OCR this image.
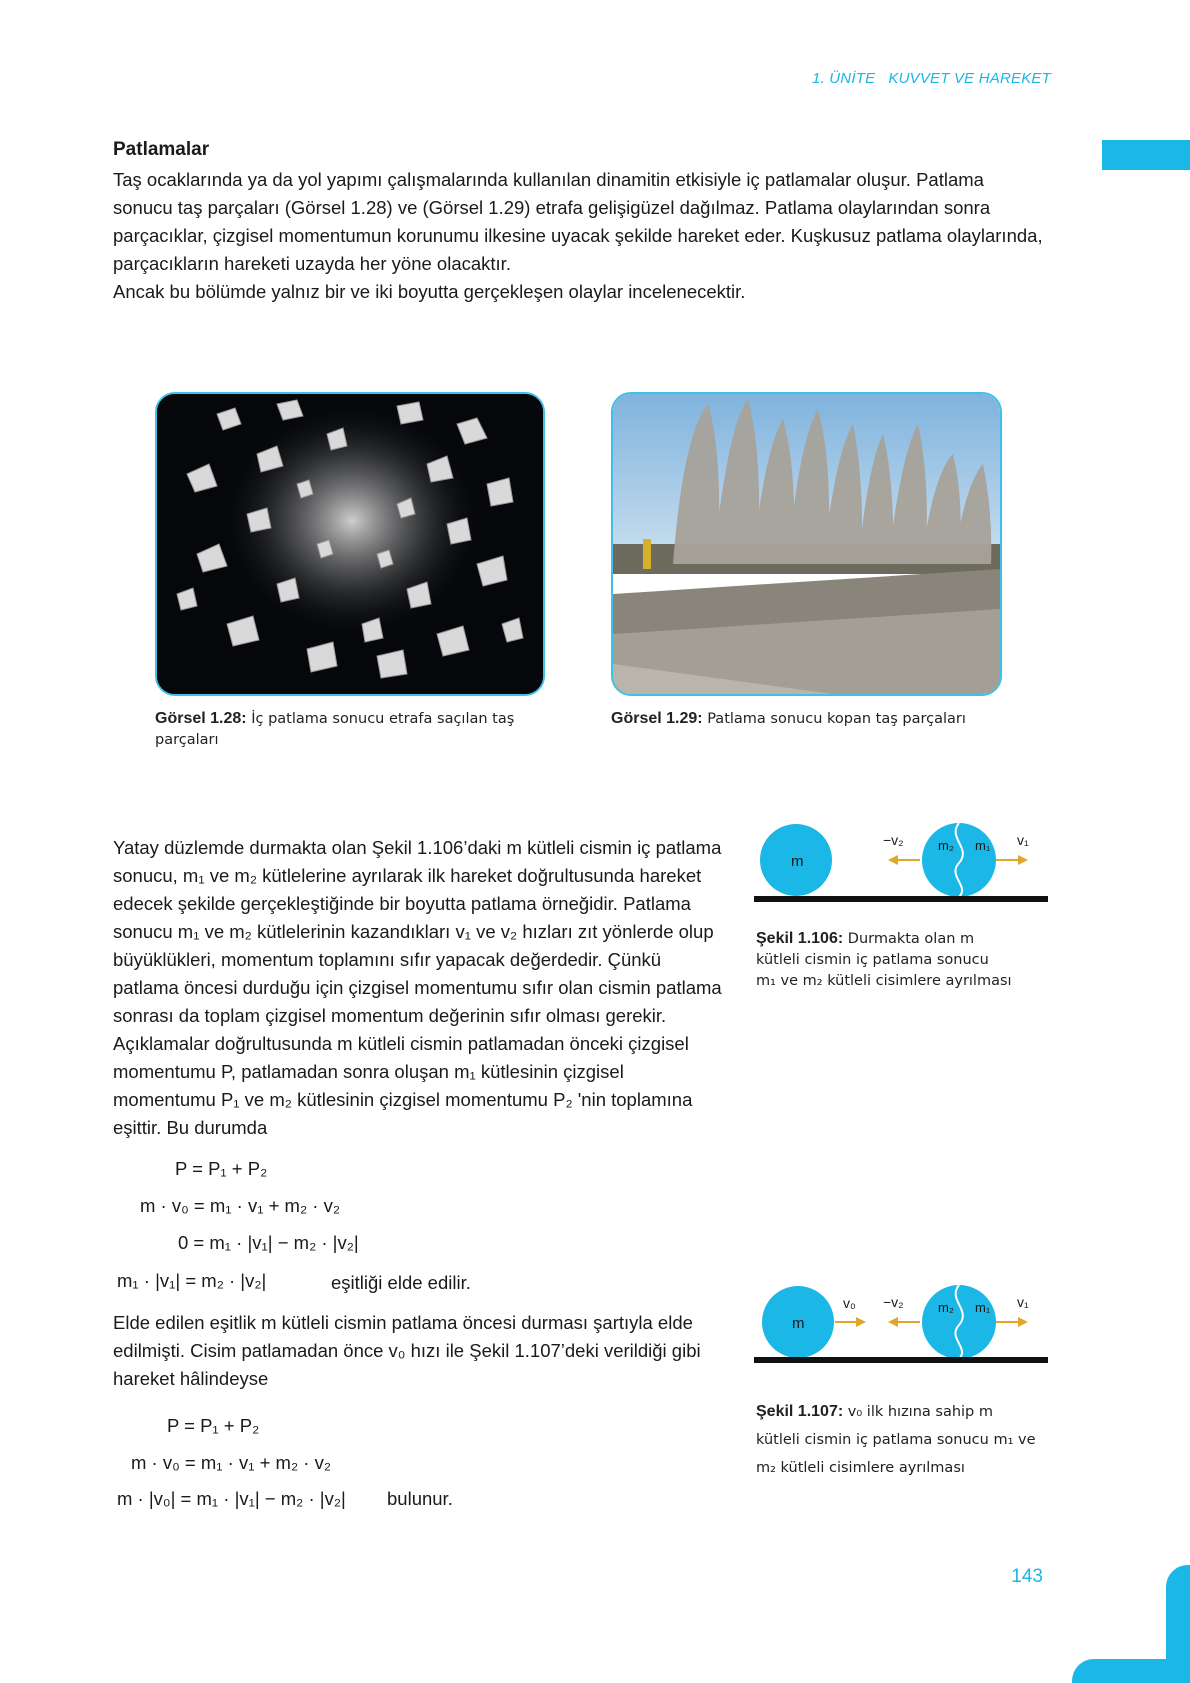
1. ÜNİTE KUVVET VE HAREKET
Patlamalar

Taş ocaklarında ya da yol yapımı çalışmalarında kullanılan dinamitin etkisiyle iç patlamalar oluşur. Patlama sonucu taş parçaları (Görsel 1.28) ve (Görsel 1.29) etrafa gelişigüzel dağılmaz. Patlama olaylarından sonra parçacıklar, çizgisel momentumun korunumu ilkesine uyacak şekilde hareket eder. Kuşkusuz patlama olaylarında, parçacıkların hareketi uzayda her yöne olacaktır.

Ancak bu bölümde yalnız bir ve iki boyutta gerçekleşen olaylar incelenecektir.

Görsel 1.28: İç patlama sonucu etrafa saçılan taş parçaları
Görsel 1.29: Patlama sonucu kopan taş parçaları
Yatay düzlemde durmakta olan Şekil 1.106’daki m kütleli cismin iç patlama sonucu, m₁ ve m₂ kütlelerine ayrılarak ilk hareket doğrultusunda hareket edecek şekilde gerçekleştiğinde bir boyutta patlama örneğidir. Patlama sonucu m₁ ve m₂ kütlelerinin kazandıkları v₁ ve v₂ hızları zıt yönlerde olup büyüklükleri, momentum toplamını sıfır yapacak değerdedir. Çünkü patlama öncesi durduğu için çizgisel momentumu sıfır olan cismin patlama sonrası da toplam çizgisel momentum değerinin sıfır olması gerekir. Açıklamalar doğrultusunda m kütleli cismin patlamadan önceki çizgisel momentumu P, patlamadan sonra oluşan m₁ kütlesinin çizgisel momentumu P₁ ve m₂ kütlesinin çizgisel momentumu P₂ 'nin toplamına eşittir. Bu durumda
P = P₁ + P₂
m · v₀ = m₁ · v₁ + m₂ · v₂
0 = m₁ · |v₁| − m₂ · |v₂|
m₁ · |v₁| = m₂ · |v₂|	eşitliği elde edilir.
Elde edilen eşitlik m kütleli cismin patlama öncesi durması şartıyla elde edilmişti. Cisim patlamadan önce v₀ hızı ile Şekil 1.107’deki verildiği gibi hareket hâlindeyse
P = P₁ + P₂
m · v₀ = m₁ · v₁ + m₂ · v₂
m · |v₀| = m₁ · |v₁| − m₂ · |v₂| bulunur.
m
m₂ m₁
−v₂	v₁
Şekil 1.106: Durmakta olan m
kütleli cismin iç patlama sonucu
m₁ ve m₂ kütleli cisimlere ayrılması
m
v₀	m₂ m₁
−v₂	v₁
Şekil 1.107: v₀ ilk hızına sahip m
kütleli cismin iç patlama sonucu m₁ ve
m₂ kütleli cisimlere ayrılması
143
